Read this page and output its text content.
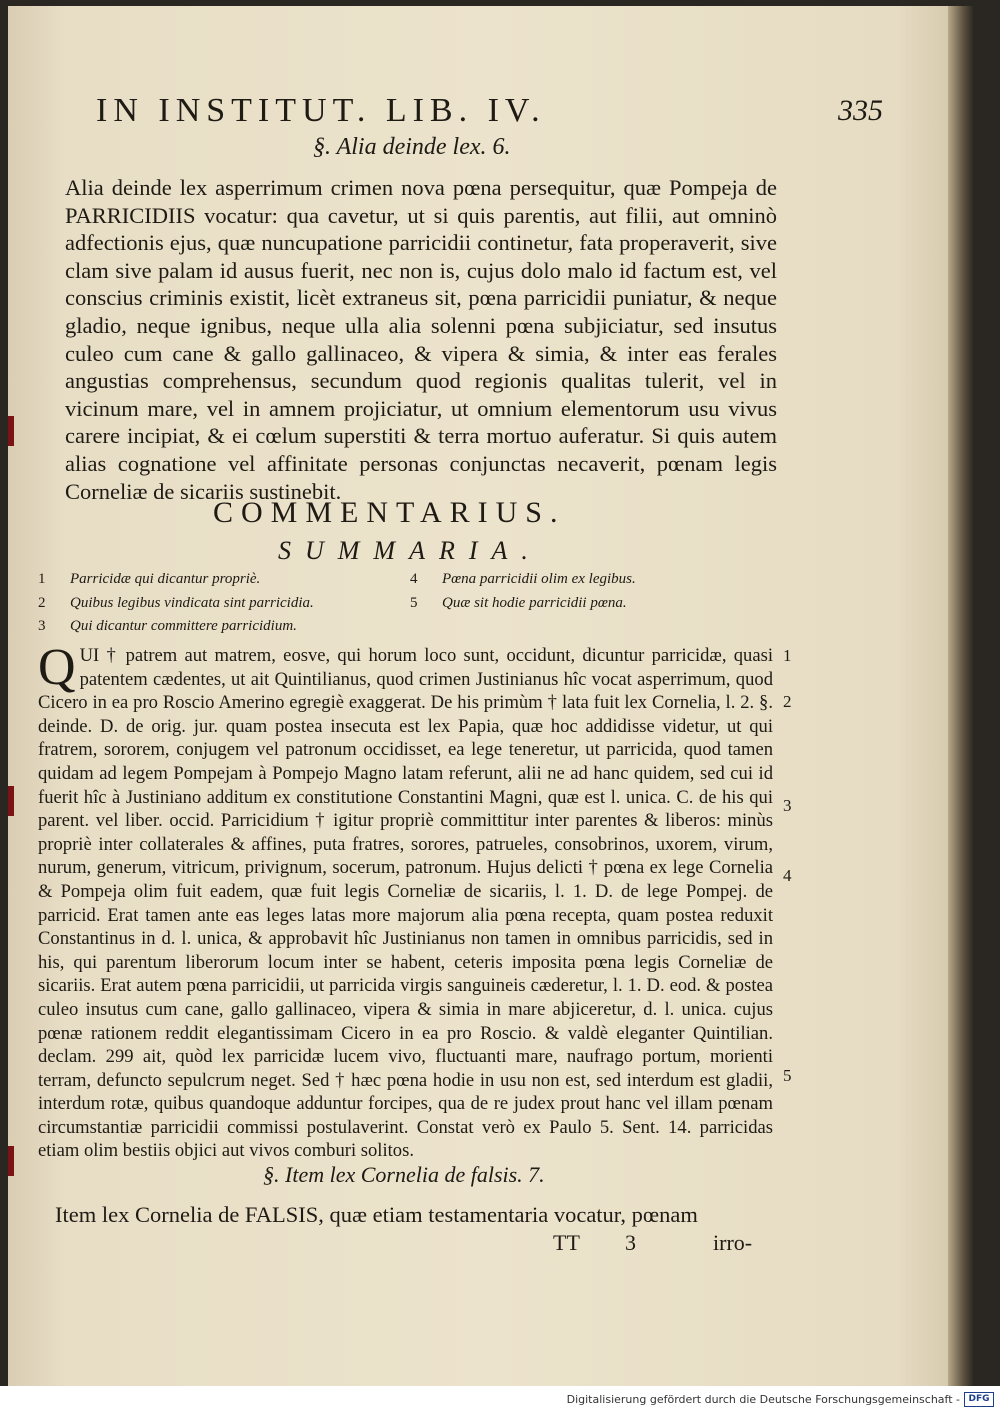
IN INSTITUT. LIB. IV.	335
§. Alia deinde lex. 6.
Alia deinde lex asperrimum crimen nova pœna persequitur, quæ Pompeja de PARRICIDIIS vocatur: qua cavetur, ut si quis parentis, aut filii, aut omninò adfectionis ejus, quæ nuncupatione parricidii continetur, fata properaverit, sive clam sive palam id ausus fuerit, nec non is, cujus dolo malo id factum est, vel conscius criminis existit, licèt extraneus sit, pœna parricidii puniatur, & neque gladio, neque ignibus, neque ulla alia solenni pœna subjiciatur, sed insutus culeo cum cane & gallo gallinaceo, & vipera & simia, & inter eas ferales angustias comprehensus, secundum quod regionis qualitas tulerit, vel in vicinum mare, vel in amnem projiciatur, ut omnium elementorum usu vivus carere incipiat, & ei cœlum superstiti & terra mortuo auferatur. Si quis autem alias cognatione vel affinitate personas conjunctas necaverit, pœnam legis Corneliæ de sicariis sustinebit.
COMMENTARIUS.
SUMMARIA.
1 Parricidæ qui dicantur propriè.
2 Quibus legibus vindicata sint parricidia.
3 Qui dicantur committere parricidium.
4 Pœna parricidii olim ex legibus.
5 Quæ sit hodie parricidii pœna.
QUI † patrem aut matrem, eosve, qui horum loco sunt, occidunt, dicuntur parricidæ, quasi patentem cædentes, ut ait Quintilianus, quod crimen Justinianus hîc vocat asperrimum, quod Cicero in ea pro Roscio Amerino egregiè exaggerat. De his primùm † lata fuit lex Cornelia, l. 2. §. deinde. D. de orig. jur. quam postea insecuta est lex Papia, quæ hoc addidisse videtur, ut qui fratrem, sororem, conjugem vel patronum occidisset, ea lege teneretur, ut parricida, quod tamen quidam ad legem Pompejam à Pompejo Magno latam referunt, alii ne ad hanc quidem, sed cui id fuerit hîc à Justiniano additum ex constitutione Constantini Magni, quæ est l. unica. C. de his qui parent. vel liber. occid. Parricidium † igitur propriè committitur inter parentes & liberos: minùs propriè inter collaterales & affines, puta fratres, sorores, patrueles, consobrinos, uxorem, virum, nurum, generum, vitricum, privignum, socerum, patronum. Hujus delicti † pœna ex lege Cornelia & Pompeja olim fuit eadem, quæ fuit legis Corneliæ de sicariis, l. 1. D. de lege Pompej. de parricid. Erat tamen ante eas leges latas more majorum alia pœna recepta, quam postea reduxit Constantinus in d. l. unica, & approbavit hîc Justinianus non tamen in omnibus parricidis, sed in his, qui parentum liberorum locum inter se habent, ceteris imposita pœna legis Corneliæ de sicariis. Erat autem pœna parricidii, ut parricida virgis sanguineis cæderetur, l. 1. D. eod. & postea culeo insutus cum cane, gallo gallinaceo, vipera & simia in mare abjiceretur, d. l. unica. cujus pœnæ rationem reddit elegantissimam Cicero in ea pro Roscio. & valdè eleganter Quintilian. declam. 299 ait, quòd lex parricidæ lucem vivo, fluctuanti mare, naufrago portum, morienti terram, defuncto sepulcrum neget. Sed † hæc pœna hodie in usu non est, sed interdum est gladii, interdum rotæ, quibus quandoque adduntur forcipes, qua de re judex prout hanc vel illam pœnam circumstantiæ parricidii commissi postulaverint. Constat verò ex Paulo 5. Sent. 14. parricidas etiam olim bestiis objici aut vivos comburi solitos.
1
2
3
4
5
§. Item lex Cornelia de falsis. 7.
Item lex Cornelia de FALSIS, quæ etiam testamentaria vocatur, pœnam
TT 3	irro-
Digitalisierung gefördert durch die Deutsche Forschungsgemeinschaft - DFG
